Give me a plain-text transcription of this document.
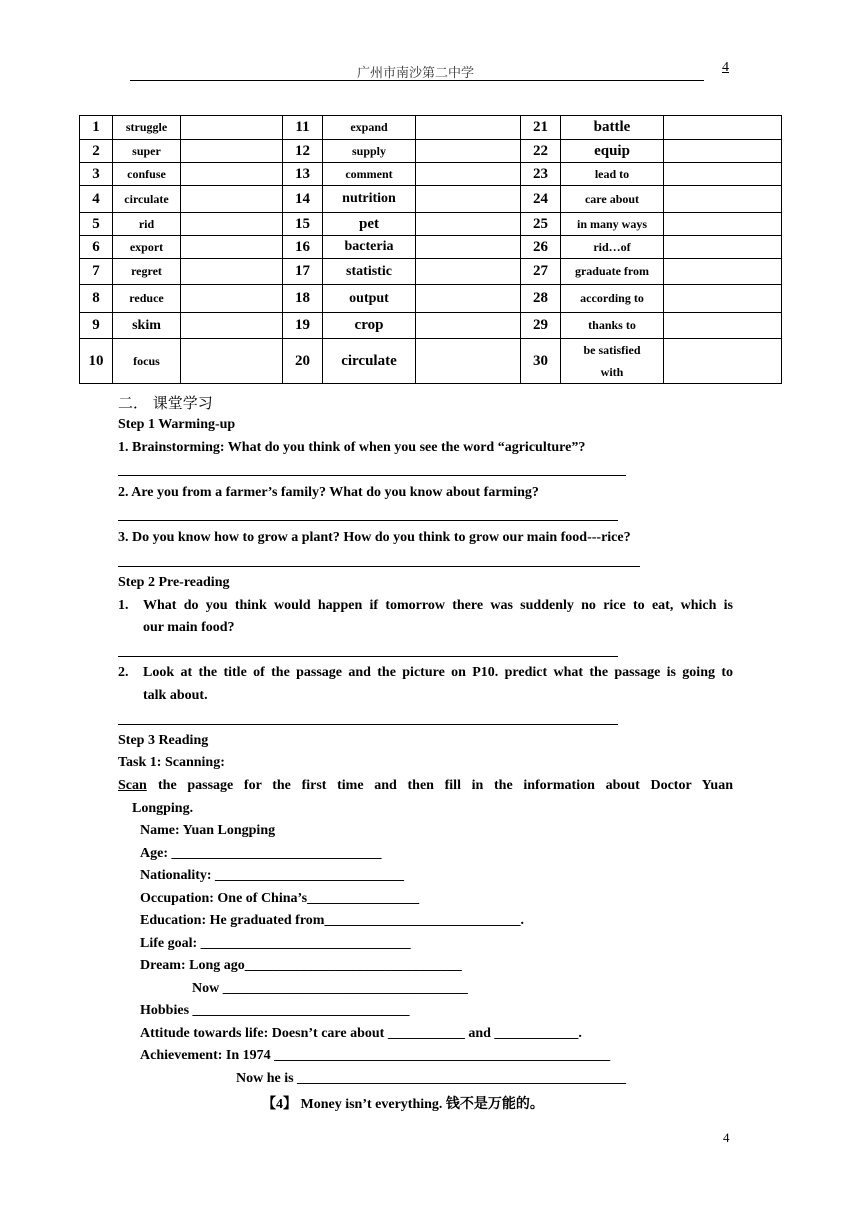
广州市南沙第二中学	4
1	struggle		11	expand		21	battle	
2	super		12	supply		22	equip	
3	confuse		13	comment		23	lead to	
4	circulate		14	nutrition		24	care about	
5	rid		15	pet		25	in many ways	
6	export		16	bacteria		26	rid…of	
7	regret		17	statistic		27	graduate from	
8	reduce		18	output		28	according to	
9	skim		19	crop		29	thanks to	
10	focus		20	circulate		30	be satisfied with	
二． 课堂学习
Step 1 Warming-up
1. Brainstorming: What do you think of when you see the word “agriculture”?
2. Are you from a farmer’s family? What do you know about farming?
3. Do you know how to grow a plant? How do you think to grow our main food---rice?
Step 2 Pre-reading
1. What do you think would happen if tomorrow there was suddenly no rice to eat, which is
our main food?
2. Look at the title of the passage and the picture on P10. predict what the passage is going to
talk about.
Step 3 Reading
Task 1: Scanning:
Scan the passage for the first time and then fill in the information about Doctor Yuan
Longping.
Name: Yuan Longping
Age: ______________________________
Nationality: ___________________________
Occupation: One of China’s________________
Education: He graduated from____________________________.
Life goal: ______________________________
Dream: Long ago_______________________________
Now ___________________________________
Hobbies _______________________________
Attitude towards life: Doesn’t care about ___________ and ____________.
Achievement: In 1974 ________________________________________________
Now he is _______________________________________________
【4】 Money isn’t everything. 钱不是万能的。
4
